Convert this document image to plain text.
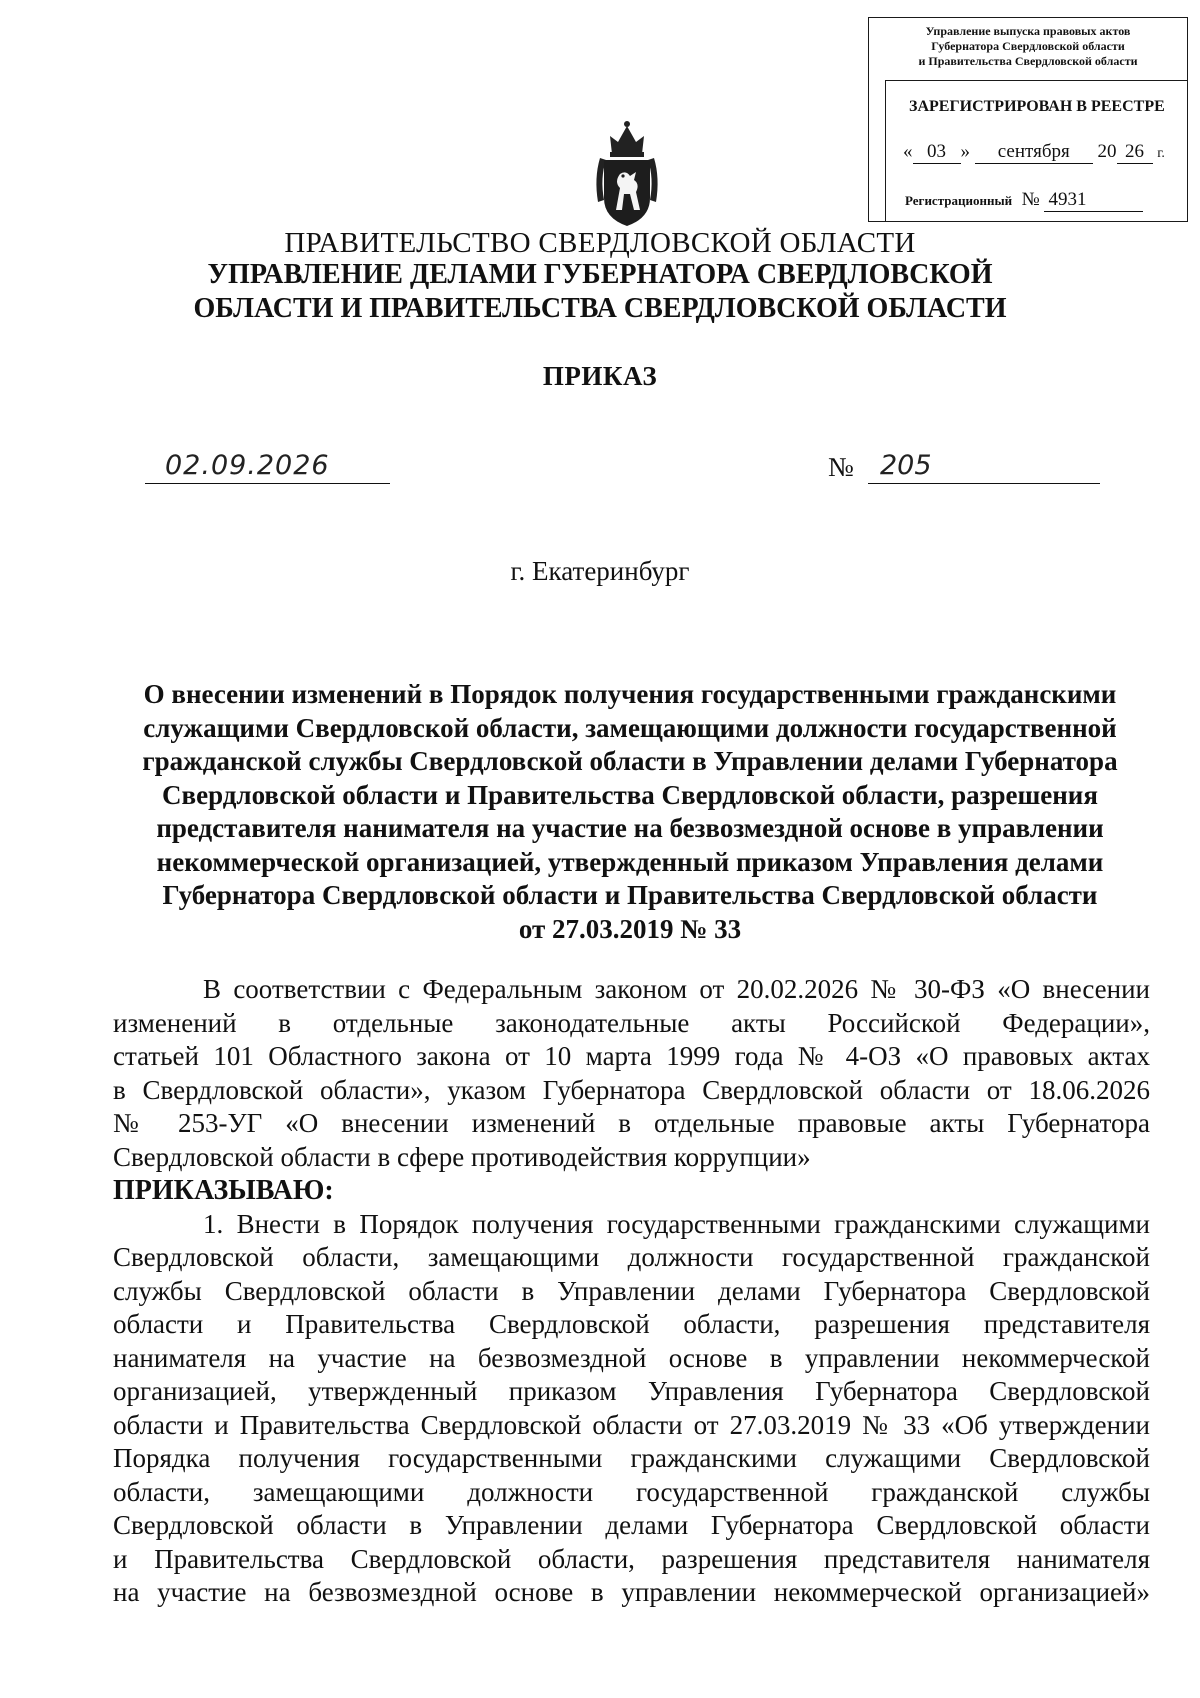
Управление выпуска правовых актов
Губернатора Свердловской области
и Правительства Свердловской области
ЗАРЕГИСТРИРОВАН В РЕЕСТРЕ
« 03 » сентября 20 26 г.
Регистрационный № 4931
ПРАВИТЕЛЬСТВО СВЕРДЛОВСКОЙ ОБЛАСТИ
УПРАВЛЕНИЕ ДЕЛАМИ ГУБЕРНАТОРА СВЕРДЛОВСКОЙ
ОБЛАСТИ И ПРАВИТЕЛЬСТВА СВЕРДЛОВСКОЙ ОБЛАСТИ
ПРИКАЗ
02.09.2026	№ 205
г. Екатеринбург
О внесении изменений в Порядок получения государственными гражданскими
служащими Свердловской области, замещающими должности государственной
гражданской службы Свердловской области в Управлении делами Губернатора
Свердловской области и Правительства Свердловской области, разрешения
представителя нанимателя на участие на безвозмездной основе в управлении
некоммерческой организацией, утвержденный приказом Управления делами
Губернатора Свердловской области и Правительства Свердловской области
от 27.03.2019 № 33
В соответствии с Федеральным законом от 20.02.2026 № 30-ФЗ «О внесении
изменений в отдельные законодательные акты Российской Федерации»,
статьей 101 Областного закона от 10 марта 1999 года № 4-ОЗ «О правовых актах
в Свердловской области», указом Губернатора Свердловской области от 18.06.2026
№ 253-УГ «О внесении изменений в отдельные правовые акты Губернатора
Свердловской области в сфере противодействия коррупции»
ПРИКАЗЫВАЮ:
1. Внести в Порядок получения государственными гражданскими служащими
Свердловской области, замещающими должности государственной гражданской
службы Свердловской области в Управлении делами Губернатора Свердловской
области и Правительства Свердловской области, разрешения представителя
нанимателя на участие на безвозмездной основе в управлении некоммерческой
организацией, утвержденный приказом Управления Губернатора Свердловской
области и Правительства Свердловской области от 27.03.2019 № 33 «Об утверждении
Порядка получения государственными гражданскими служащими Свердловской
области, замещающими должности государственной гражданской службы
Свердловской области в Управлении делами Губернатора Свердловской области
и Правительства Свердловской области, разрешения представителя нанимателя
на участие на безвозмездной основе в управлении некоммерческой организацией»
